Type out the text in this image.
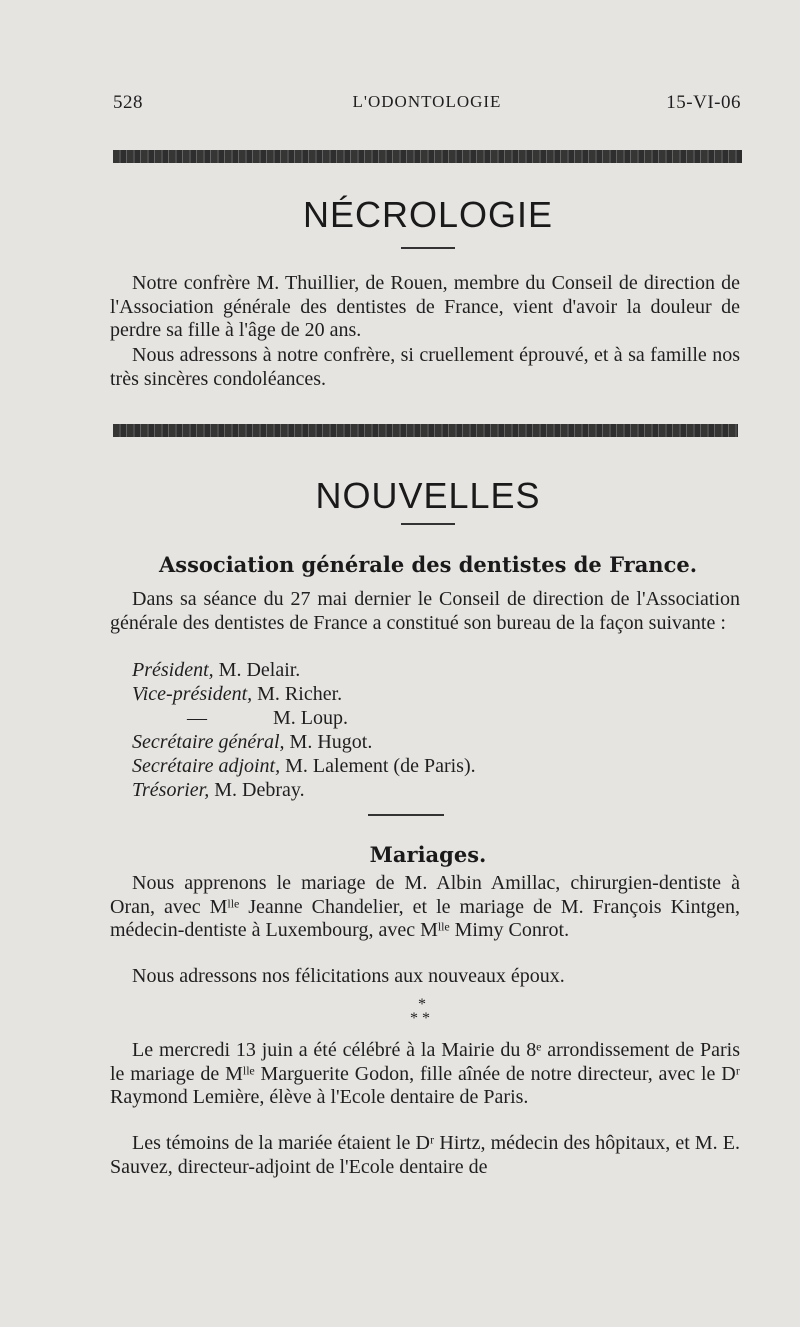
528	L'ODONTOLOGIE	15-VI-06
NÉCROLOGIE

Notre confrère M. Thuillier, de Rouen, membre du Conseil de direction de l'Association générale des dentistes de France, vient d'avoir la douleur de perdre sa fille à l'âge de 20 ans.

Nous adressons à notre confrère, si cruellement éprouvé, et à sa famille nos très sincères condoléances.

NOUVELLES
Association générale des dentistes de France.

Dans sa séance du 27 mai dernier le Conseil de direction de l'Association générale des dentistes de France a constitué son bureau de la façon suivante :

Président, M. Delair.
Vice-président, M. Richer.
—	M. Loup.
Secrétaire général, M. Hugot.
Secrétaire adjoint, M. Lalement (de Paris).
Trésorier, M. Debray.
Mariages.

Nous apprenons le mariage de M. Albin Amillac, chirurgien-dentiste à Oran, avec Mˡˡᵉ Jeanne Chandelier, et le mariage de M. François Kintgen, médecin-dentiste à Luxembourg, avec Mˡˡᵉ Mimy Conrot.

Nous adressons nos félicitations aux nouveaux époux.

*
* *

Le mercredi 13 juin a été célébré à la Mairie du 8ᵉ arrondissement de Paris le mariage de Mˡˡᵉ Marguerite Godon, fille aînée de notre directeur, avec le Dʳ Raymond Lemière, élève à l'Ecole dentaire de Paris.

Les témoins de la mariée étaient le Dʳ Hirtz, médecin des hôpitaux, et M. E. Sauvez, directeur-adjoint de l'Ecole dentaire de
